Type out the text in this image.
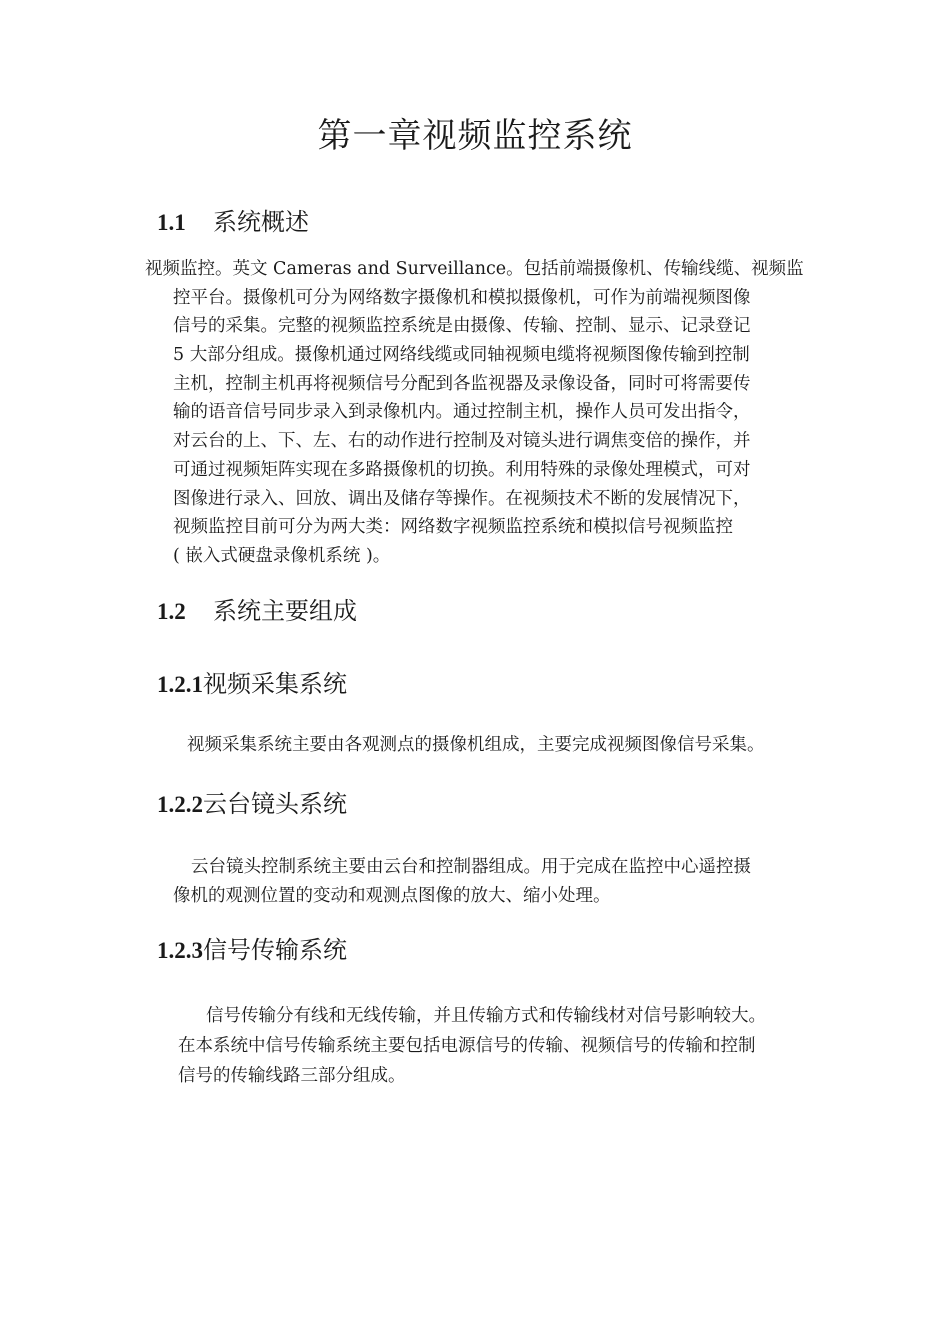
第一章视频监控系统
1.1 系统概述
视频监控。英文 Cameras and Surveillance。包括前端摄像机、传输线缆、视频监
控平台。摄像机可分为网络数字摄像机和模拟摄像机，可作为前端视频图像
信号的采集。完整的视频监控系统是由摄像、传输、控制、显示、记录登记
5 大部分组成。摄像机通过网络线缆或同轴视频电缆将视频图像传输到控制
主机，控制主机再将视频信号分配到各监视器及录像设备，同时可将需要传
输的语音信号同步录入到录像机内。通过控制主机，操作人员可发出指令，
对云台的上、下、左、右的动作进行控制及对镜头进行调焦变倍的操作，并
可通过视频矩阵实现在多路摄像机的切换。利用特殊的录像处理模式，可对
图像进行录入、回放、调出及储存等操作。在视频技术不断的发展情况下，
视频监控目前可分为两大类：网络数字视频监控系统和模拟信号视频监控
( 嵌入式硬盘录像机系统 )。
1.2 系统主要组成
1.2.1视频采集系统
视频采集系统主要由各观测点的摄像机组成，主要完成视频图像信号采集。
1.2.2云台镜头系统
云台镜头控制系统主要由云台和控制器组成。用于完成在监控中心遥控摄
像机的观测位置的变动和观测点图像的放大、缩小处理。
1.2.3信号传输系统
信号传输分有线和无线传输，并且传输方式和传输线材对信号影响较大。
在本系统中信号传输系统主要包括电源信号的传输、视频信号的传输和控制
信号的传输线路三部分组成。
